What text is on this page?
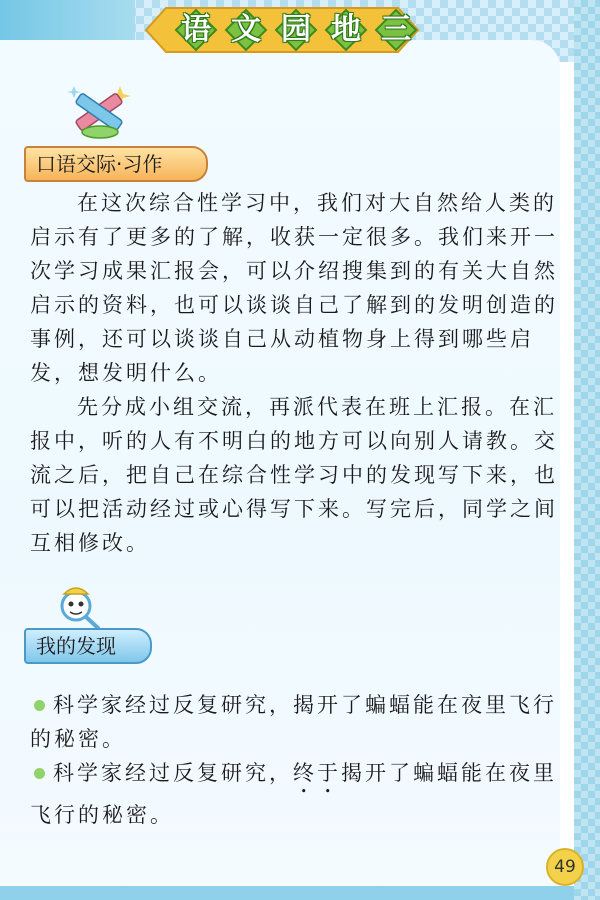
语 文 园 地 三
口语交际·习作

在这次综合性学习中，我们对大自然给人类的启示有了更多的了解，收获一定很多。我们来开一次学习成果汇报会，可以介绍搜集到的有关大自然启示的资料，也可以谈谈自己了解到的发明创造的事例，还可以谈谈自己从动植物身上得到哪些启发，想发明什么。

先分成小组交流，再派代表在班上汇报。在汇报中，听的人有不明白的地方可以向别人请教。交流之后，把自己在综合性学习中的发现写下来，也可以把活动经过或心得写下来。写完后，同学之间互相修改。

我的发现

科学家经过反复研究，揭开了蝙蝠能在夜里飞行的秘密。

科学家经过反复研究，终于揭开了蝙蝠能在夜里飞行的秘密。

49
